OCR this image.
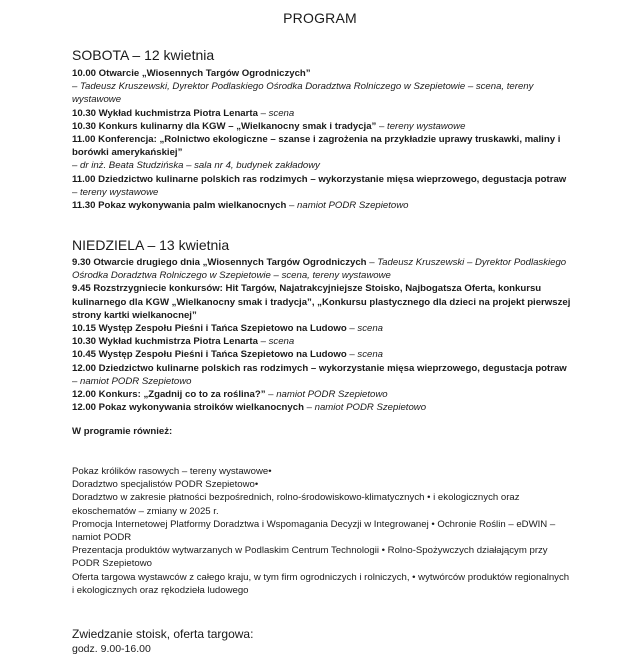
PROGRAM
SOBOTA – 12 kwietnia

10.00 Otwarcie „Wiosennych Targów Ogrodniczych”

– Tadeusz Kruszewski, Dyrektor Podlaskiego Ośrodka Doradztwa Rolniczego w Szepietowie – scena, tereny wystawowe

10.30 Wykład kuchmistrza Piotra Lenarta – scena

10.30 Konkurs kulinarny dla KGW – „Wielkanocny smak i tradycja” – tereny wystawowe

11.00 Konferencja: „Rolnictwo ekologiczne – szanse i zagrożenia na przykładzie uprawy truskawki, maliny i borówki amerykańskiej”

– dr inż. Beata Studzińska – sala nr 4, budynek zakładowy

11.00 Dziedzictwo kulinarne polskich ras rodzimych – wykorzystanie mięsa wieprzowego, degustacja potraw – tereny wystawowe

11.30 Pokaz wykonywania palm wielkanocnych – namiot PODR Szepietowo

NIEDZIELA – 13 kwietnia

9.30 Otwarcie drugiego dnia „Wiosennych Targów Ogrodniczych – Tadeusz Kruszewski – Dyrektor Podlaskiego Ośrodka Doradztwa Rolniczego w Szepietowie – scena, tereny wystawowe

9.45 Rozstrzygniecie konkursów: Hit Targów, Najatrakcyjniejsze Stoisko, Najbogatsza Oferta, konkursu kulinarnego dla KGW „Wielkanocny smak i tradycja”, „Konkursu plastycznego dla dzieci na projekt pierwszej strony kartki wielkanocnej”

10.15 Występ Zespołu Pieśni i Tańca Szepietowo na Ludowo – scena

10.30 Wykład kuchmistrza Piotra Lenarta – scena

10.45 Występ Zespołu Pieśni i Tańca Szepietowo na Ludowo – scena

12.00 Dziedzictwo kulinarne polskich ras rodzimych – wykorzystanie mięsa wieprzowego, degustacja potraw – namiot PODR Szepietowo

12.00 Konkurs: „Zgadnij co to za roślina?” – namiot PODR Szepietowo

12.00 Pokaz wykonywania stroików wielkanocnych – namiot PODR Szepietowo

W programie również:

Pokaz królików rasowych – tereny wystawowe•

Doradztwo specjalistów PODR Szepietowo•

Doradztwo w zakresie płatności bezpośrednich, rolno-środowiskowo-klimatycznych • i ekologicznych oraz ekoschematów – zmiany w 2025 r.

Promocja Internetowej Platformy Doradztwa i Wspomagania Decyzji w Integrowanej • Ochronie Roślin – eDWIN – namiot PODR

Prezentacja produktów wytwarzanych w Podlaskim Centrum Technologii • Rolno-Spożywczych działającym przy PODR Szepietowo

Oferta targowa wystawców z całego kraju, w tym firm ogrodniczych i rolniczych, • wytwórców produktów regionalnych i ekologicznych oraz rękodzieła ludowego

Zwiedzanie stoisk, oferta targowa:
godz. 9.00-16.00
